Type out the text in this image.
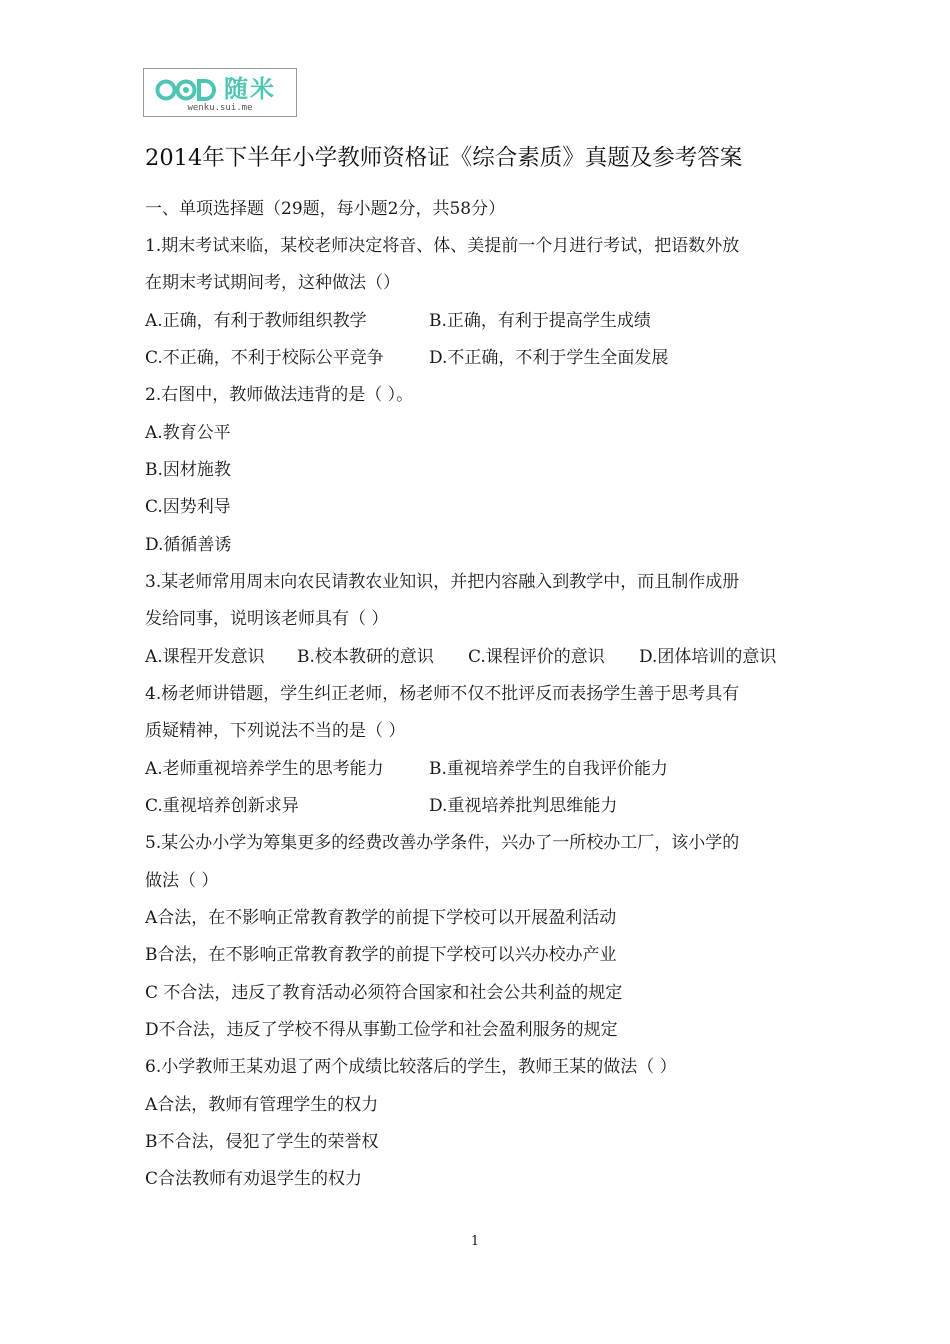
随米
wenku.sui.me
2014年下半年小学教师资格证《综合素质》真题及参考答案
一、单项选择题（29题，每小题2分，共58分）
1.期末考试来临，某校老师决定将音、体、美提前一个月进行考试，把语数外放
在期末考试期间考，这种做法（）
A.正确，有利于教师组织教学	B.正确，有利于提高学生成绩
C.不正确，不利于校际公平竞争	D.不正确，不利于学生全面发展
2.右图中，教师做法违背的是（ ）。
A.教育公平
B.因材施教
C.因势利导
D.循循善诱
3.某老师常用周末向农民请教农业知识，并把内容融入到教学中，而且制作成册
发给同事，说明该老师具有（ ）
A.课程开发意识 B.校本教研的意识 C.课程评价的意识 D.团体培训的意识
4.杨老师讲错题，学生纠正老师，杨老师不仅不批评反而表扬学生善于思考具有
质疑精神，下列说法不当的是（ ）
A.老师重视培养学生的思考能力	B.重视培养学生的自我评价能力
C.重视培养创新求异	D.重视培养批判思维能力
5.某公办小学为筹集更多的经费改善办学条件，兴办了一所校办工厂，该小学的
做法（ ）
A合法，在不影响正常教育教学的前提下学校可以开展盈利活动
B合法，在不影响正常教育教学的前提下学校可以兴办校办产业
C 不合法，违反了教育活动必须符合国家和社会公共利益的规定
D不合法，违反了学校不得从事勤工俭学和社会盈利服务的规定
6.小学教师王某劝退了两个成绩比较落后的学生，教师王某的做法（ ）
A合法，教师有管理学生的权力
B不合法，侵犯了学生的荣誉权
C合法教师有劝退学生的权力
1
